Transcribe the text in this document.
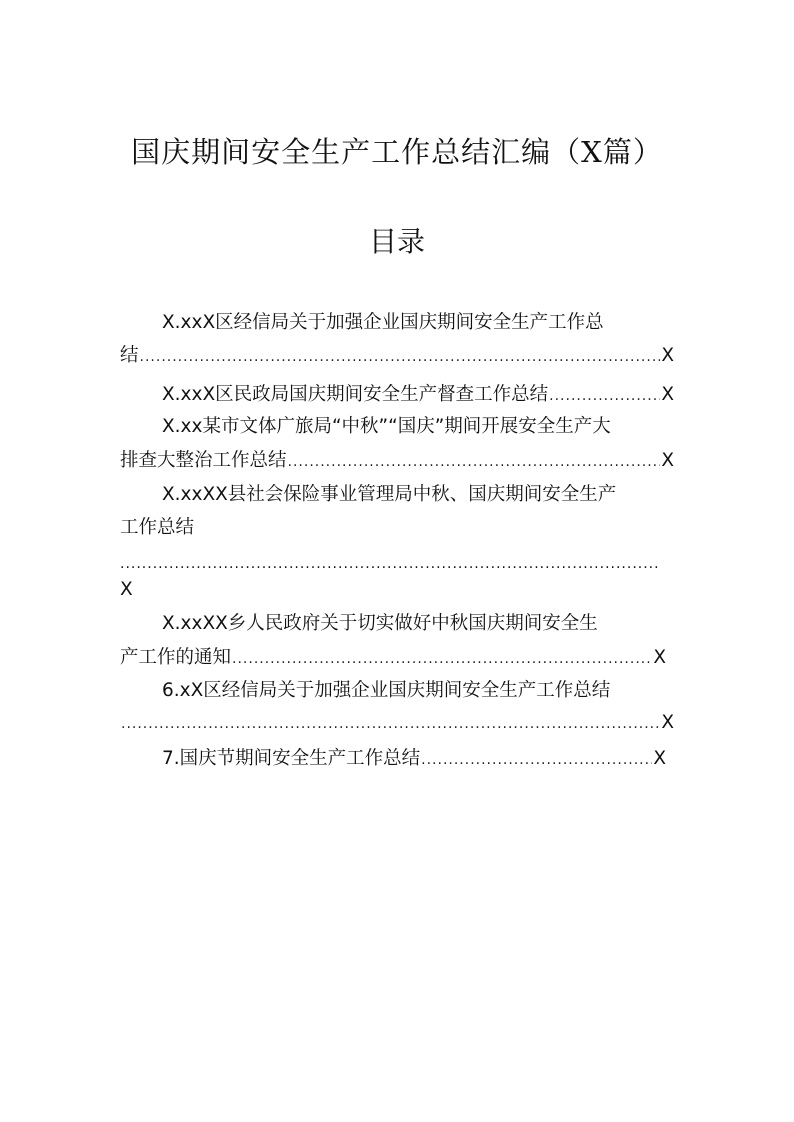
国庆期间安全生产工作总结汇编（X篇）
目录
X.xxX区经信局关于加强企业国庆期间安全生产工作总
结 .....	X
X.xxX区民政局国庆期间安全生产督查工作总结 .....	X
X.xx某市文体广旅局“中秋”“国庆”期间开展安全生产大
排查大整治工作总结 .....	X
X.xxXX县社会保险事业管理局中秋、国庆期间安全生产
工作总结
.....
X
X.xxXX乡人民政府关于切实做好中秋国庆期间安全生
产工作的通知 .....	X
6.xX区经信局关于加强企业国庆期间安全生产工作总结
.....
X
7.国庆节期间安全生产工作总结 .....	X
